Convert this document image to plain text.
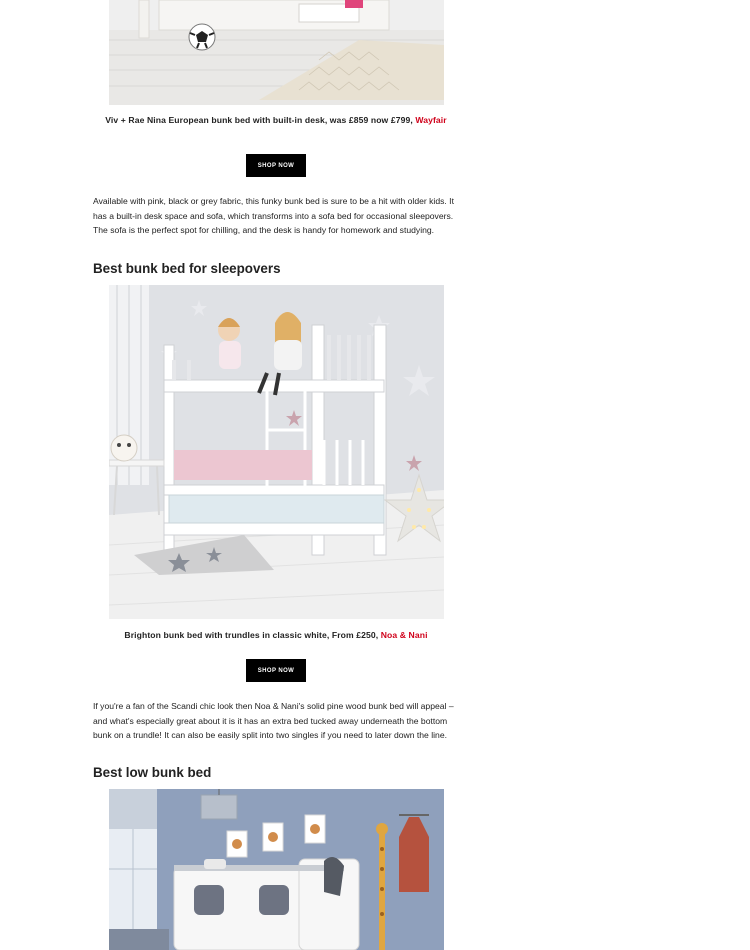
Viv + Rae Nina European bunk bed with built-in desk, was £859 now £799, Wayfair
SHOP NOW
Available with pink, black or grey fabric, this funky bunk bed is sure to be a hit with older kids. It has a built-in desk space and sofa, which transforms into a sofa bed for occasional sleepovers. The sofa is the perfect spot for chilling, and the desk is handy for homework and studying.
Best bunk bed for sleepovers
Brighton bunk bed with trundles in classic white, From £250, Noa & Nani
SHOP NOW
If you're a fan of the Scandi chic look then Noa & Nani's solid pine wood bunk bed will appeal – and what's especially great about it is it has an extra bed tucked away underneath the bottom bunk on a trundle! It can also be easily split into two singles if you need to later down the line.
Best low bunk bed
